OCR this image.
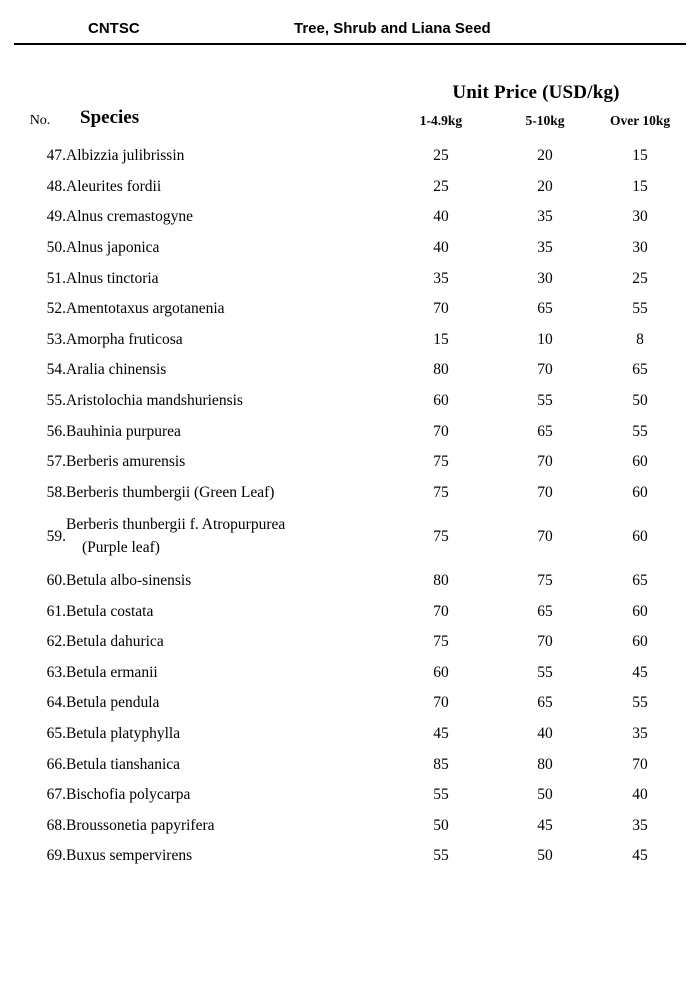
CNTSC	Tree, Shrub and Liana Seed
		Unit Price (USD/kg)		
No.	Species	1-4.9kg	5-10kg	Over 10kg

47.	Albizzia julibrissin	25	20	15
48.	Aleurites fordii	25	20	15
49.	Alnus cremastogyne	40	35	30
50.	Alnus japonica	40	35	30
51.	Alnus tinctoria	35	30	25
52.	Amentotaxus argotanenia	70	65	55
53.	Amorpha fruticosa	15	10	8
54.	Aralia chinensis	80	70	65
55.	Aristolochia mandshuriensis	60	55	50
56.	Bauhinia purpurea	70	65	55
57.	Berberis amurensis	75	70	60
58.	Berberis thumbergii (Green Leaf)	75	70	60
59.	Berberis thunbergii f. Atropurpurea
(Purple leaf)	75	70	60
60.	Betula albo-sinensis	80	75	65
61.	Betula costata	70	65	60
62.	Betula dahurica	75	70	60
63.	Betula ermanii	60	55	45
64.	Betula pendula	70	65	55
65.	Betula platyphylla	45	40	35
66.	Betula tianshanica	85	80	70
67.	Bischofia polycarpa	55	50	40
68.	Broussonetia papyrifera	50	45	35
69.	Buxus sempervirens	55	50	45
